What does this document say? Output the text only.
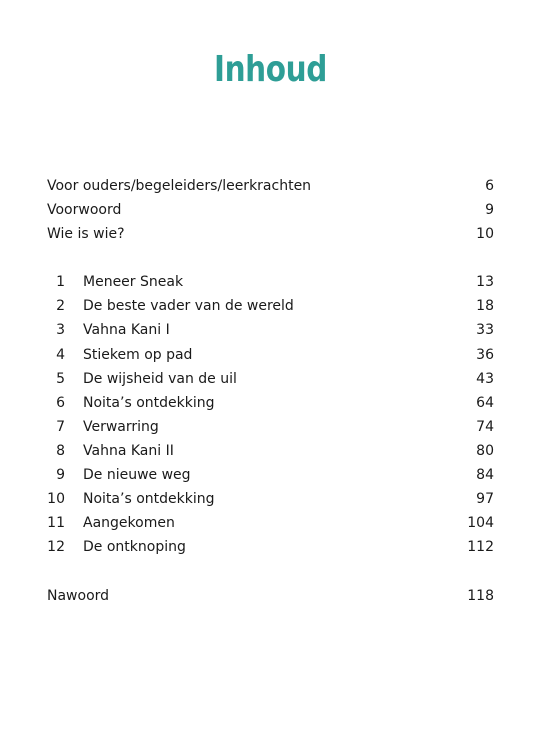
Inhoud
Voor ouders/begeleiders/leerkrachten	6
Voorwoord	9
Wie is wie?	10
1 Meneer Sneak	13
2 De beste vader van de wereld	18
3 Vahna Kani I	33
4 Stiekem op pad	36
5 De wijsheid van de uil	43
6 Noita’s ontdekking	64
7 Verwarring	74
8 Vahna Kani II	80
9 De nieuwe weg	84
10 Noita’s ontdekking	97
11 Aangekomen	104
12 De ontknoping	112
Nawoord	118
